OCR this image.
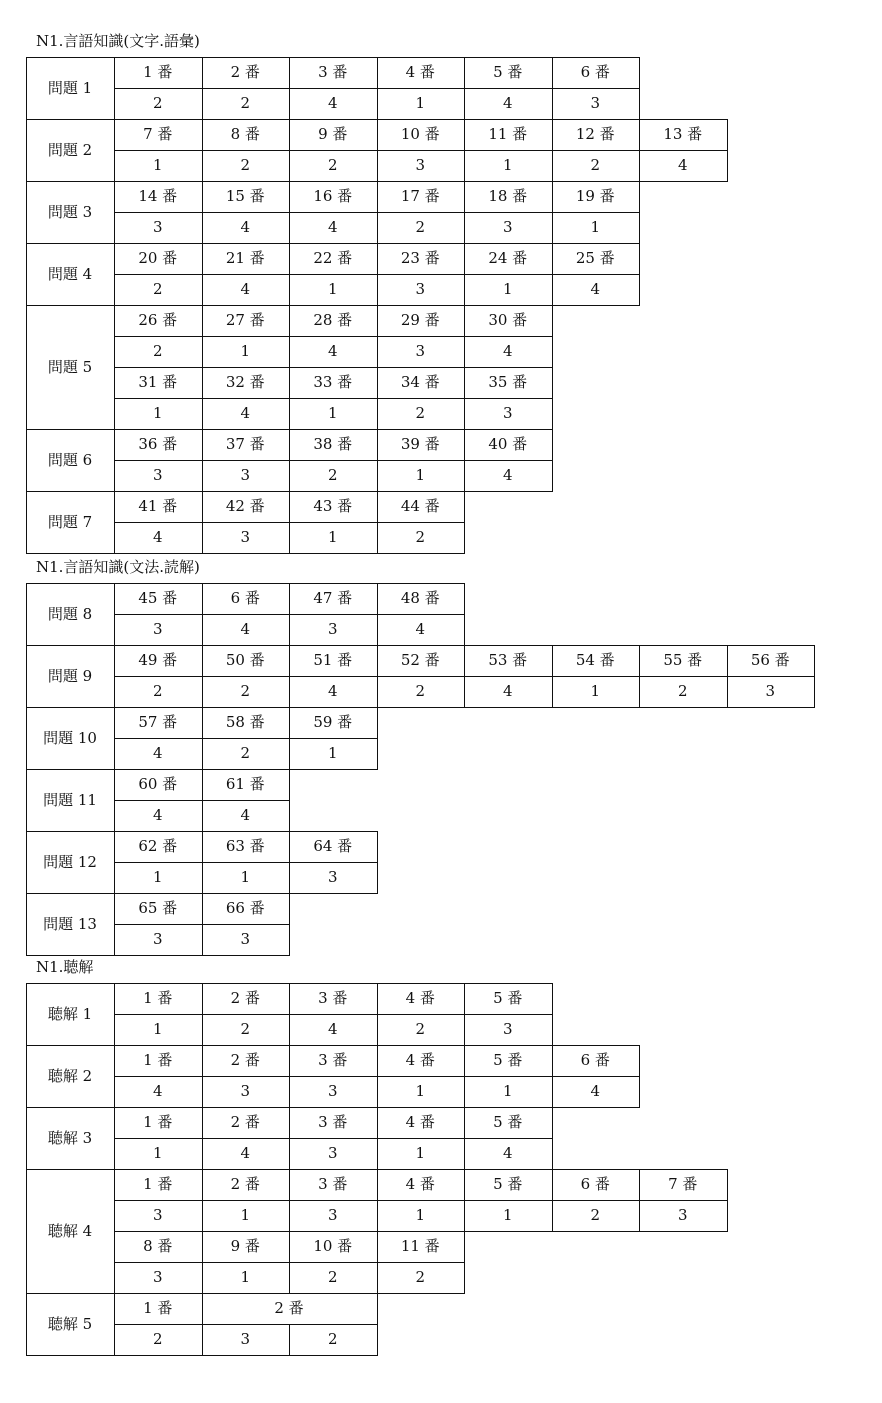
N1.言語知識(文字.語彙)
問題 1
1 番	2 番	3 番	4 番	5 番	6 番
2	2	4	1	4	3
問題 2
7 番	8 番	9 番	10 番	11 番	12 番	13 番
1	2	2	3	1	2	4
問題 3
14 番	15 番	16 番	17 番	18 番	19 番
3	4	4	2	3	1
問題 4
20 番	21 番	22 番	23 番	24 番	25 番
2	4	1	3	1	4
問題 5
26 番	27 番	28 番	29 番	30 番
2	1	4	3	4
31 番	32 番	33 番	34 番	35 番
1	4	1	2	3
問題 6
36 番	37 番	38 番	39 番	40 番
3	3	2	1	4
問題 7
41 番	42 番	43 番	44 番
4	3	1	2
N1.言語知識(文法.読解)
問題 8
45 番	6 番	47 番	48 番
3	4	3	4
問題 9
49 番	50 番	51 番	52 番	53 番	54 番	55 番	56 番
2	2	4	2	4	1	2	3
問題 10
57 番	58 番	59 番
4	2	1
問題 11
60 番	61 番
4	4
問題 12
62 番	63 番	64 番
1	1	3
問題 13
65 番	66 番
3	3
N1.聴解
聴解 1
1 番	2 番	3 番	4 番	5 番
1	2	4	2	3
聴解 2
1 番	2 番	3 番	4 番	5 番	6 番
4	3	3	1	1	4
聴解 3
1 番	2 番	3 番	4 番	5 番
1	4	3	1	4
聴解 4
1 番	2 番	3 番	4 番	5 番	6 番	7 番
3	1	3	1	1	2	3
8 番	9 番	10 番	11 番
3	1	2	2
聴解 5
1 番	2 番
2	3	2
